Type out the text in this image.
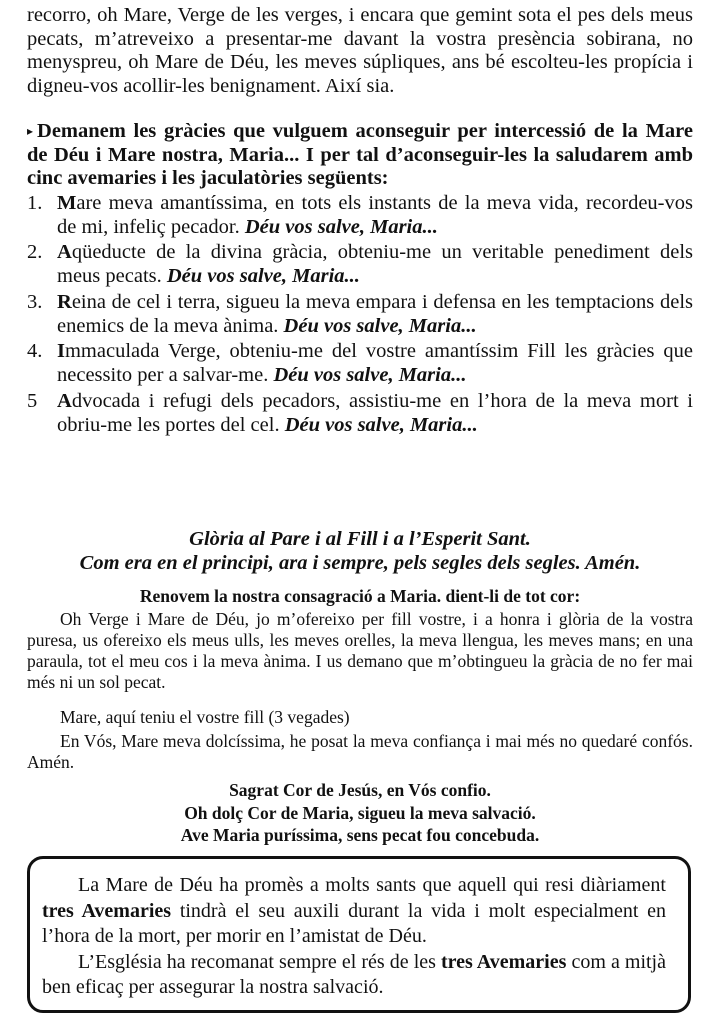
recorro, oh Mare, Verge de les verges, i encara que gemint sota el pes dels meus pecats, m’atreveixo a presentar-me davant la vostra presència sobirana, no menyspreu, oh Mare de Déu, les meves súpliques, ans bé escolteu-les propícia i digneu-vos acollir-les benignament. Així sia.

▸ Demanem les gràcies que vulguem aconseguir per intercessió de la Mare de Déu i Mare nostra, Maria... I per tal d’aconseguir-les la saludarem amb cinc avemaries i les jaculatòries següents:

1. Mare meva amantíssima, en tots els instants de la meva vida, recordeu-vos de mi, infeliç pecador. Déu vos salve, Maria...
2. Aqüeducte de la divina gràcia, obteniu-me un veritable penediment dels meus pecats. Déu vos salve, Maria...
3. Reina de cel i terra, sigueu la meva empara i defensa en les temptacions dels enemics de la meva ànima. Déu vos salve, Maria...
4. Immaculada Verge, obteniu-me del vostre amantíssim Fill les gràcies que necessito per a salvar-me. Déu vos salve, Maria...
5 Advocada i refugi dels pecadors, assistiu-me en l’hora de la meva mort i obriu-me les portes del cel. Déu vos salve, Maria...
Glòria al Pare i al Fill i a l’Esperit Sant.
Com era en el principi, ara i sempre, pels segles dels segles. Amén.
Renovem la nostra consagració a Maria. dient-li de tot cor:

Oh Verge i Mare de Déu, jo m’ofereixo per fill vostre, i a honra i glòria de la vostra puresa, us ofereixo els meus ulls, les meves orelles, la meva llengua, les meves mans; en una paraula, tot el meu cos i la meva ànima. I us demano que m’obtingueu la gràcia de no fer mai més ni un sol pecat.

Mare, aquí teniu el vostre fill (3 vegades)

En Vós, Mare meva dolcíssima, he posat la meva confiança i mai més no quedaré confós. Amén.

Sagrat Cor de Jesús, en Vós confio.
Oh dolç Cor de Maria, sigueu la meva salvació.
Ave Maria puríssima, sens pecat fou concebuda.
La Mare de Déu ha promès a molts sants que aquell qui resi diàriament tres Avemaries tindrà el seu auxili durant la vida i molt especialment en l’hora de la mort, per morir en l’amistat de Déu.
L’Església ha recomanat sempre el rés de les tres Avemaries com a mitjà ben eficaç per assegurar la nostra salvació.
